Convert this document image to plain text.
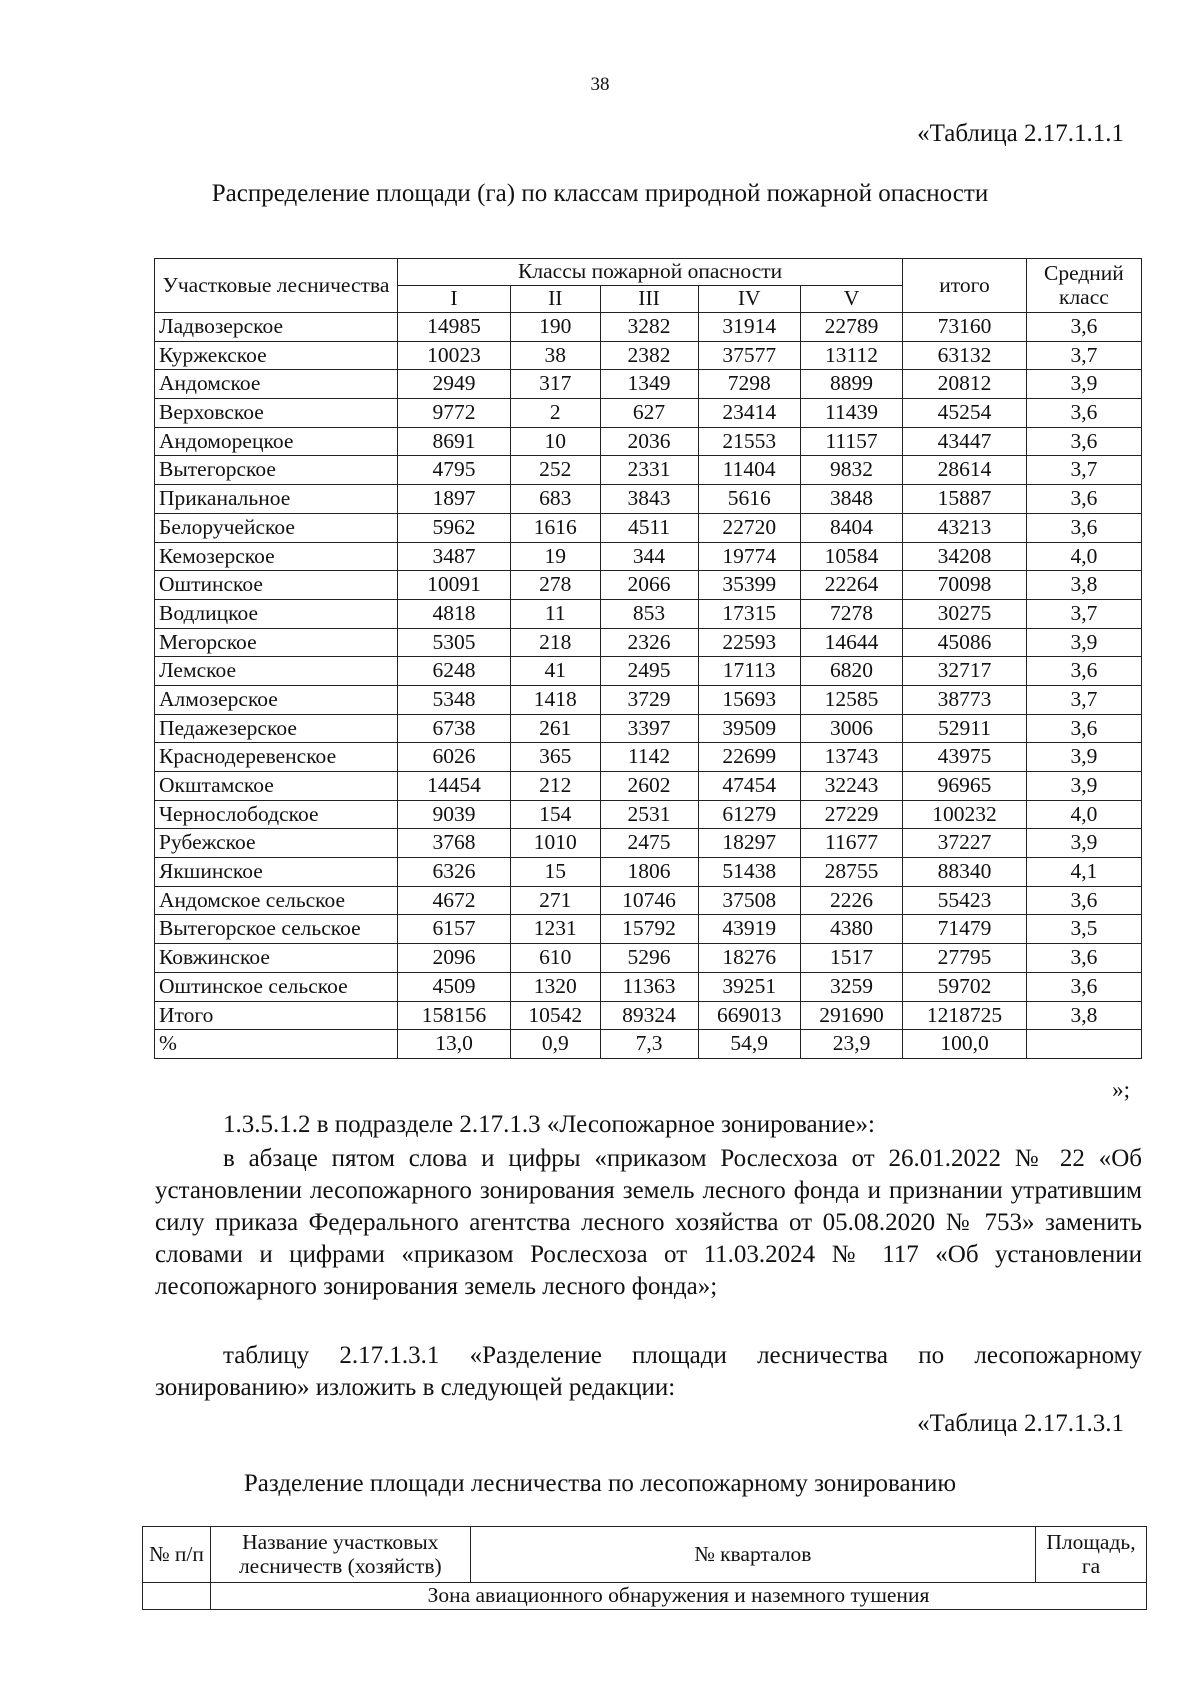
38
«Таблица 2.17.1.1.1
Распределение площади (га) по классам природной пожарной опасности
Участковые лесничества	Классы пожарной опасности					итого	Средний класс
	I	II	III	IV	V		
Ладвозерское	14985	190	3282	31914	22789	73160	3,6
Куржекское	10023	38	2382	37577	13112	63132	3,7
Андомское	2949	317	1349	7298	8899	20812	3,9
Верховское	9772	2	627	23414	11439	45254	3,6
Андоморецкое	8691	10	2036	21553	11157	43447	3,6
Вытегорское	4795	252	2331	11404	9832	28614	3,7
Приканальное	1897	683	3843	5616	3848	15887	3,6
Белоручейское	5962	1616	4511	22720	8404	43213	3,6
Кемозерское	3487	19	344	19774	10584	34208	4,0
Оштинское	10091	278	2066	35399	22264	70098	3,8
Водлицкое	4818	11	853	17315	7278	30275	3,7
Мегорское	5305	218	2326	22593	14644	45086	3,9
Лемское	6248	41	2495	17113	6820	32717	3,6
Алмозерское	5348	1418	3729	15693	12585	38773	3,7
Педажезерское	6738	261	3397	39509	3006	52911	3,6
Краснодеревенское	6026	365	1142	22699	13743	43975	3,9
Окштамское	14454	212	2602	47454	32243	96965	3,9
Чернослободское	9039	154	2531	61279	27229	100232	4,0
Рубежское	3768	1010	2475	18297	11677	37227	3,9
Якшинское	6326	15	1806	51438	28755	88340	4,1
Андомское сельское	4672	271	10746	37508	2226	55423	3,6
Вытегорское сельское	6157	1231	15792	43919	4380	71479	3,5
Ковжинское	2096	610	5296	18276	1517	27795	3,6
Оштинское сельское	4509	1320	11363	39251	3259	59702	3,6
Итого	158156	10542	89324	669013	291690	1218725	3,8
%	13,0	0,9	7,3	54,9	23,9	100,0	
»;
1.3.5.1.2 в подразделе 2.17.1.3 «Лесопожарное зонирование»:
в абзаце пятом слова и цифры «приказом Рослесхоза от 26.01.2022 № 22 «Об установлении лесопожарного зонирования земель лесного фонда и признании утратившим силу приказа Федерального агентства лесного хозяйства от 05.08.2020 № 753» заменить словами и цифрами «приказом Рослесхоза от 11.03.2024 № 117 «Об установлении лесопожарного зонирования земель лесного фонда»;
таблицу 2.17.1.3.1 «Разделение площади лесничества по лесопожарному зонированию» изложить в следующей редакции:
«Таблица 2.17.1.3.1
Разделение площади лесничества по лесопожарному зонированию
№ п/п	Название участковых лесничеств (хозяйств)	№ кварталов	Площадь, га
	Зона авиационного обнаружения и наземного тушения		
